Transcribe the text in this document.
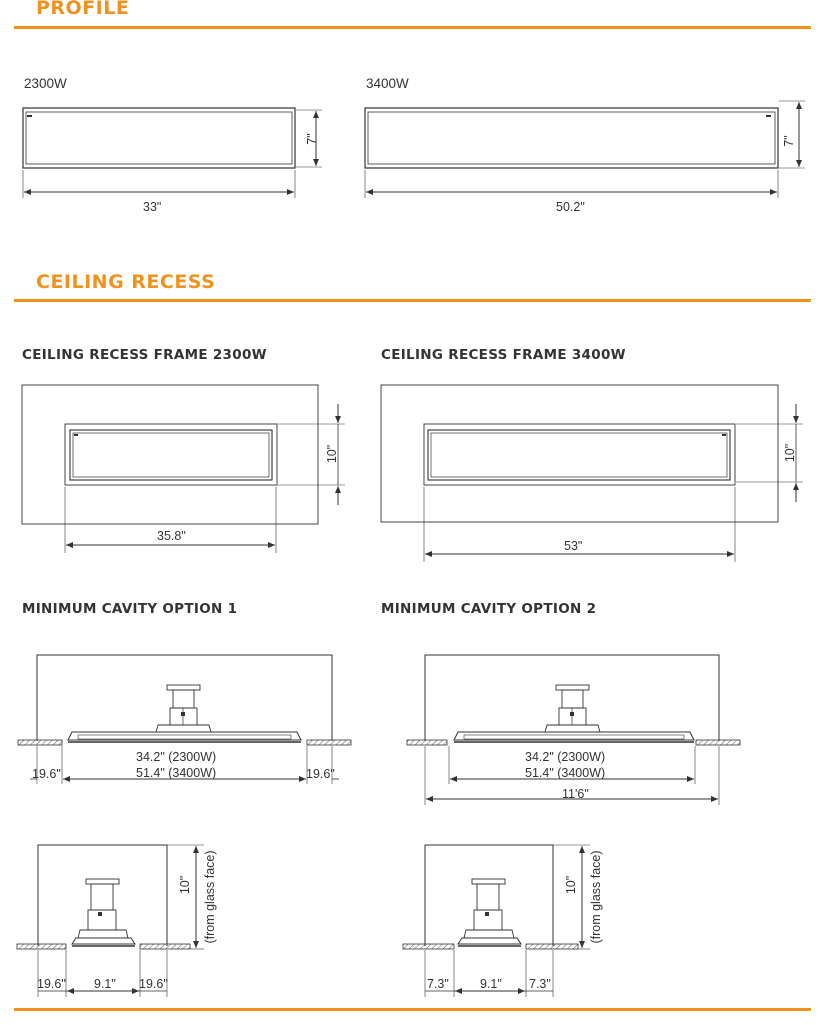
PROFILE
2300W	3400W
CEILING RECESS
CEILING RECESS FRAME 2300W	CEILING RECESS FRAME 3400W
MINIMUM CAVITY OPTION 1	MINIMUM CAVITY OPTION 2
7"
33"
7"
50.2"
10"
35.8"
10"
53"
34.2" (2300W)
51.4" (3400W)
19.6"	19.6"
34.2" (2300W)
51.4" (3400W)
11'6"
10" (from glass face)
19.6" 9.1" 19.6"
10" (from glass face)
7.3" 9.1" 7.3"
